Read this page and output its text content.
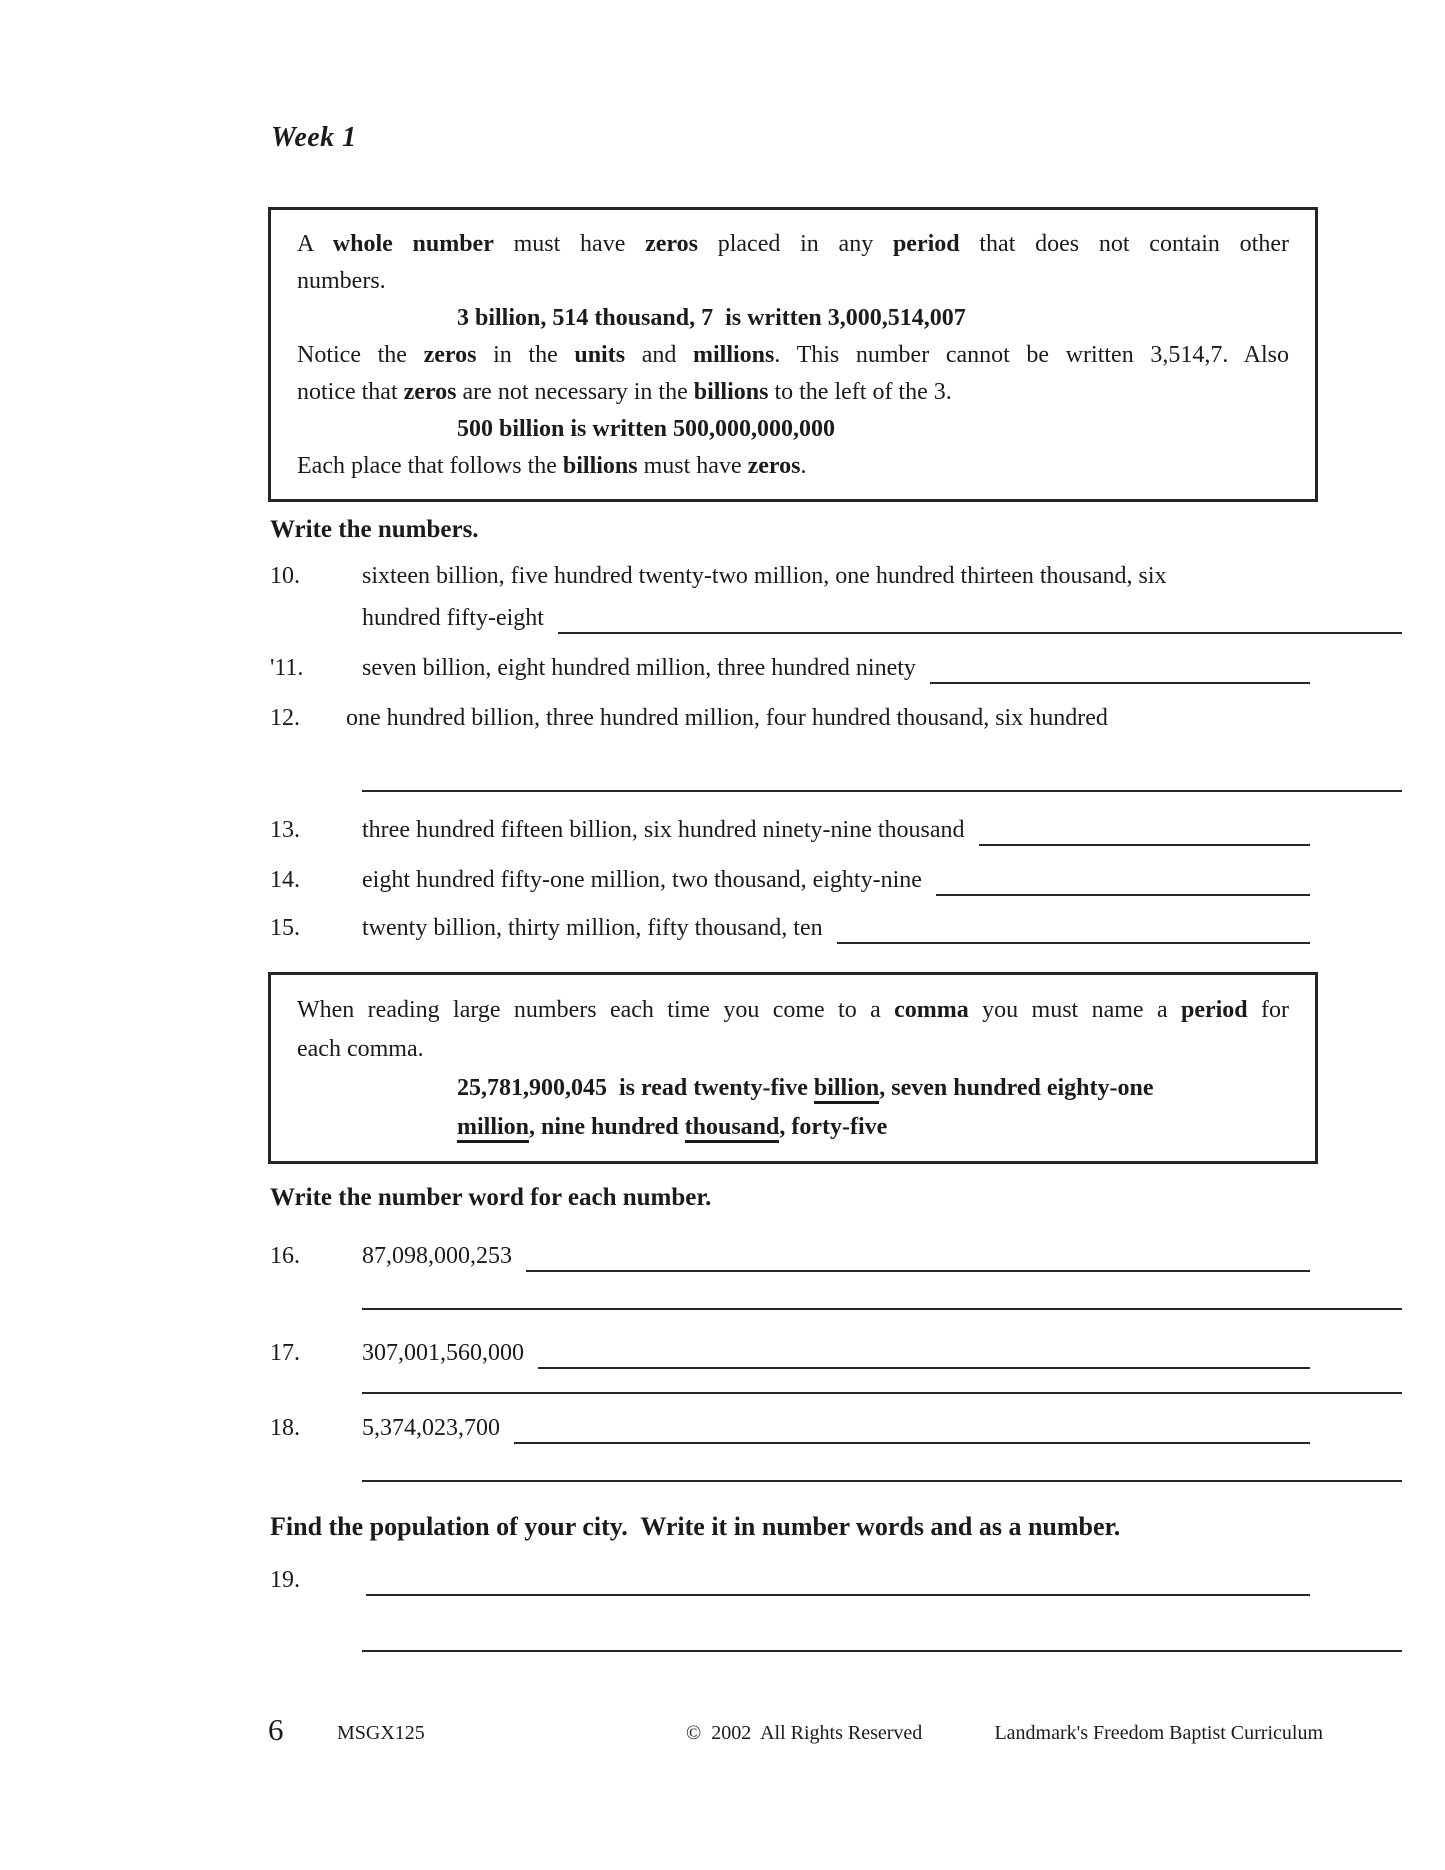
Week 1
A whole number must have zeros placed in any period that does not contain other
numbers.
3 billion, 514 thousand, 7  is written 3,000,514,007
Notice the zeros in the units and millions. This number cannot be written 3,514,7. Also
notice that zeros are not necessary in the billions to the left of the 3.
500 billion is written 500,000,000,000
Each place that follows the billions must have zeros.
Write the numbers.
10.	sixteen billion, five hundred twenty-two million, one hundred thirteen thousand, six
hundred fifty-eight
'11.	seven billion, eight hundred million, three hundred ninety
12.	one hundred billion, three hundred million, four hundred thousand, six hundred
13.	three hundred fifteen billion, six hundred ninety-nine thousand
14.	eight hundred fifty-one million, two thousand, eighty-nine
15.	twenty billion, thirty million, fifty thousand, ten
When reading large numbers each time you come to a comma you must name a period for
each comma.
25,781,900,045  is read twenty-five billion, seven hundred eighty-one
million, nine hundred thousand, forty-five
Write the number word for each number.
16.	87,098,000,253
17.	307,001,560,000
18.	5,374,023,700
Find the population of your city.  Write it in number words and as a number.
19.
6	MSGX125	©  2002  All Rights Reserved	Landmark's Freedom Baptist Curriculum
